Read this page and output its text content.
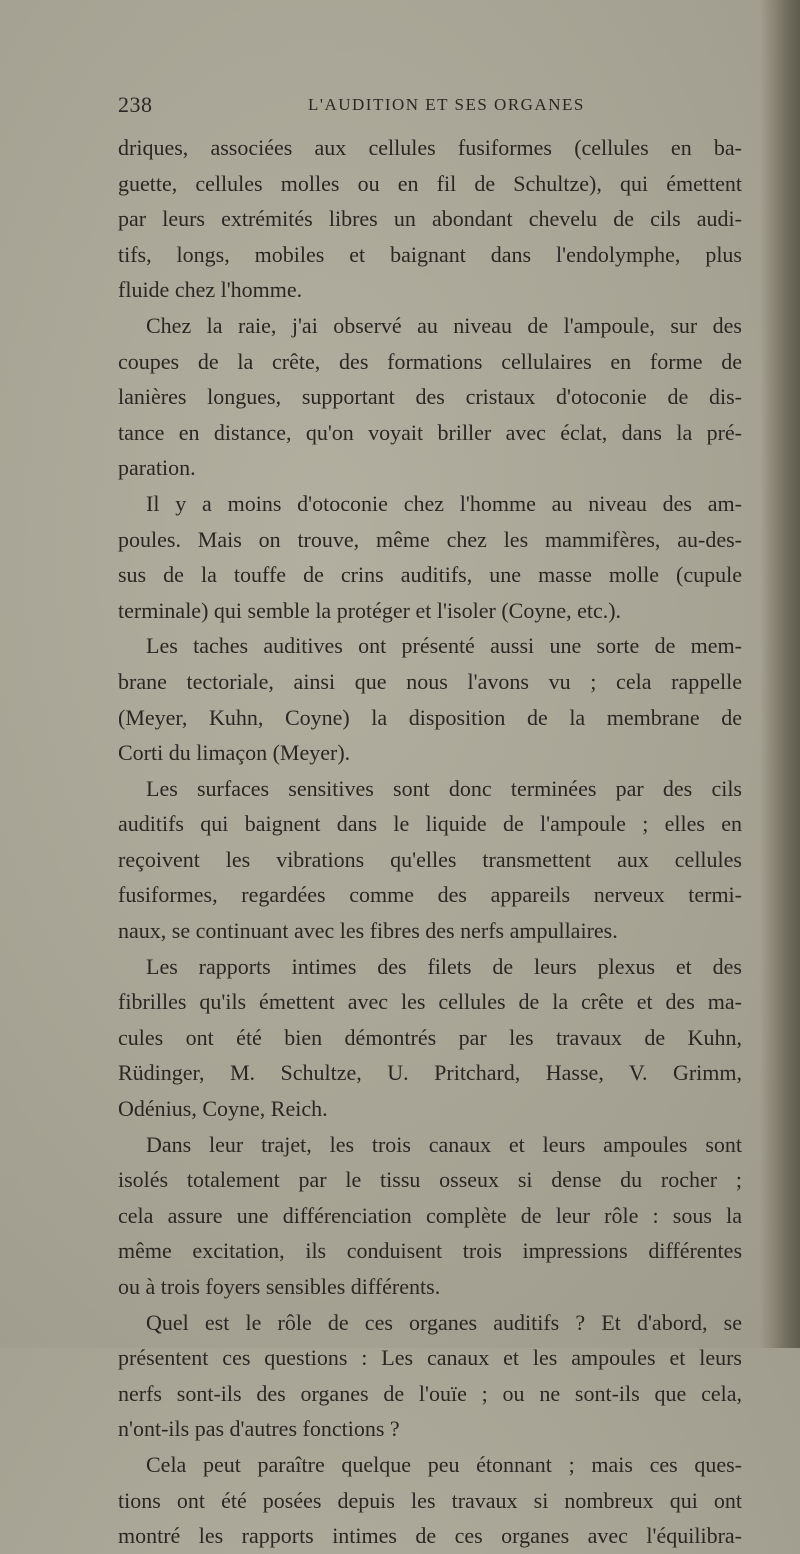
238	L'AUDITION ET SES ORGANES
driques, associées aux cellules fusiformes (cellules en ba-
guette, cellules molles ou en fil de Schultze), qui émettent
par leurs extrémités libres un abondant chevelu de cils audi-
tifs, longs, mobiles et baignant dans l'endolymphe, plus
fluide chez l'homme.
Chez la raie, j'ai observé au niveau de l'ampoule, sur des
coupes de la crête, des formations cellulaires en forme de
lanières longues, supportant des cristaux d'otoconie de dis-
tance en distance, qu'on voyait briller avec éclat, dans la pré-
paration.
Il y a moins d'otoconie chez l'homme au niveau des am-
poules. Mais on trouve, même chez les mammifères, au-des-
sus de la touffe de crins auditifs, une masse molle (cupule
terminale) qui semble la protéger et l'isoler (Coyne, etc.).
Les taches auditives ont présenté aussi une sorte de mem-
brane tectoriale, ainsi que nous l'avons vu ; cela rappelle
(Meyer, Kuhn, Coyne) la disposition de la membrane de
Corti du limaçon (Meyer).
Les surfaces sensitives sont donc terminées par des cils
auditifs qui baignent dans le liquide de l'ampoule ; elles en
reçoivent les vibrations qu'elles transmettent aux cellules
fusiformes, regardées comme des appareils nerveux termi-
naux, se continuant avec les fibres des nerfs ampullaires.
Les rapports intimes des filets de leurs plexus et des
fibrilles qu'ils émettent avec les cellules de la crête et des ma-
cules ont été bien démontrés par les travaux de Kuhn,
Rüdinger, M. Schultze, U. Pritchard, Hasse, V. Grimm,
Odénius, Coyne, Reich.
Dans leur trajet, les trois canaux et leurs ampoules sont
isolés totalement par le tissu osseux si dense du rocher ;
cela assure une différenciation complète de leur rôle : sous la
même excitation, ils conduisent trois impressions différentes
ou à trois foyers sensibles différents.
Quel est le rôle de ces organes auditifs ? Et d'abord, se
présentent ces questions : Les canaux et les ampoules et leurs
nerfs sont-ils des organes de l'ouïe ; ou ne sont-ils que cela,
n'ont-ils pas d'autres fonctions ?
Cela peut paraître quelque peu étonnant ; mais ces ques-
tions ont été posées depuis les travaux si nombreux qui ont
montré les rapports intimes de ces organes avec l'équilibra-
